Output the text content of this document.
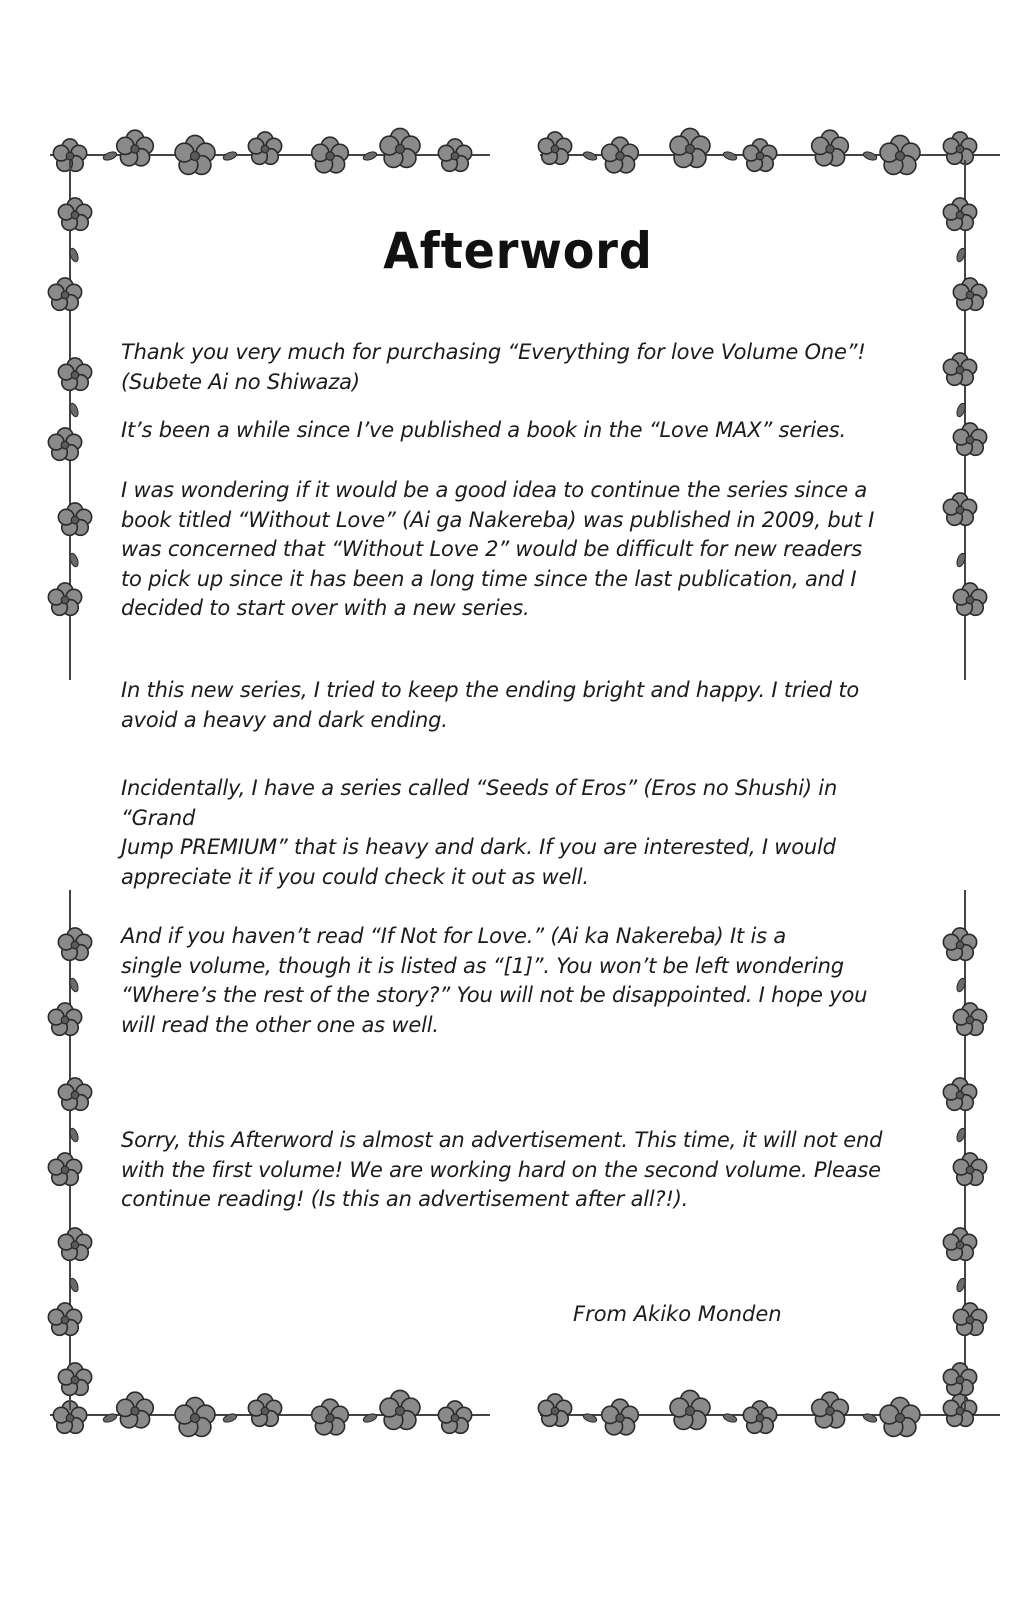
Afterword
Thank you very much for purchasing “Everything for love Volume One”!
(Subete Ai no Shiwaza)
It’s been a while since I’ve published a book in the “Love MAX” series.
I was wondering if it would be a good idea to continue the series since a
book titled “Without Love” (Ai ga Nakereba) was published in 2009, but I
was concerned that “Without Love 2” would be difficult for new readers
to pick up since it has been a long time since the last publication, and I
decided to start over with a new series.
In this new series, I tried to keep the ending bright and happy. I tried to
avoid a heavy and dark ending.
Incidentally, I have a series called “Seeds of Eros” (Eros no Shushi) in “Grand
Jump PREMIUM” that is heavy and dark. If you are interested, I would
appreciate it if you could check it out as well.
And if you haven’t read “If Not for Love.” (Ai ka Nakereba) It is a
single volume, though it is listed as “[1]”. You won’t be left wondering
“Where’s the rest of the story?” You will not be disappointed. I hope you
will read the other one as well.
Sorry, this Afterword is almost an advertisement. This time, it will not end
with the first volume! We are working hard on the second volume. Please
continue reading! (Is this an advertisement after all?!).
From Akiko Monden
